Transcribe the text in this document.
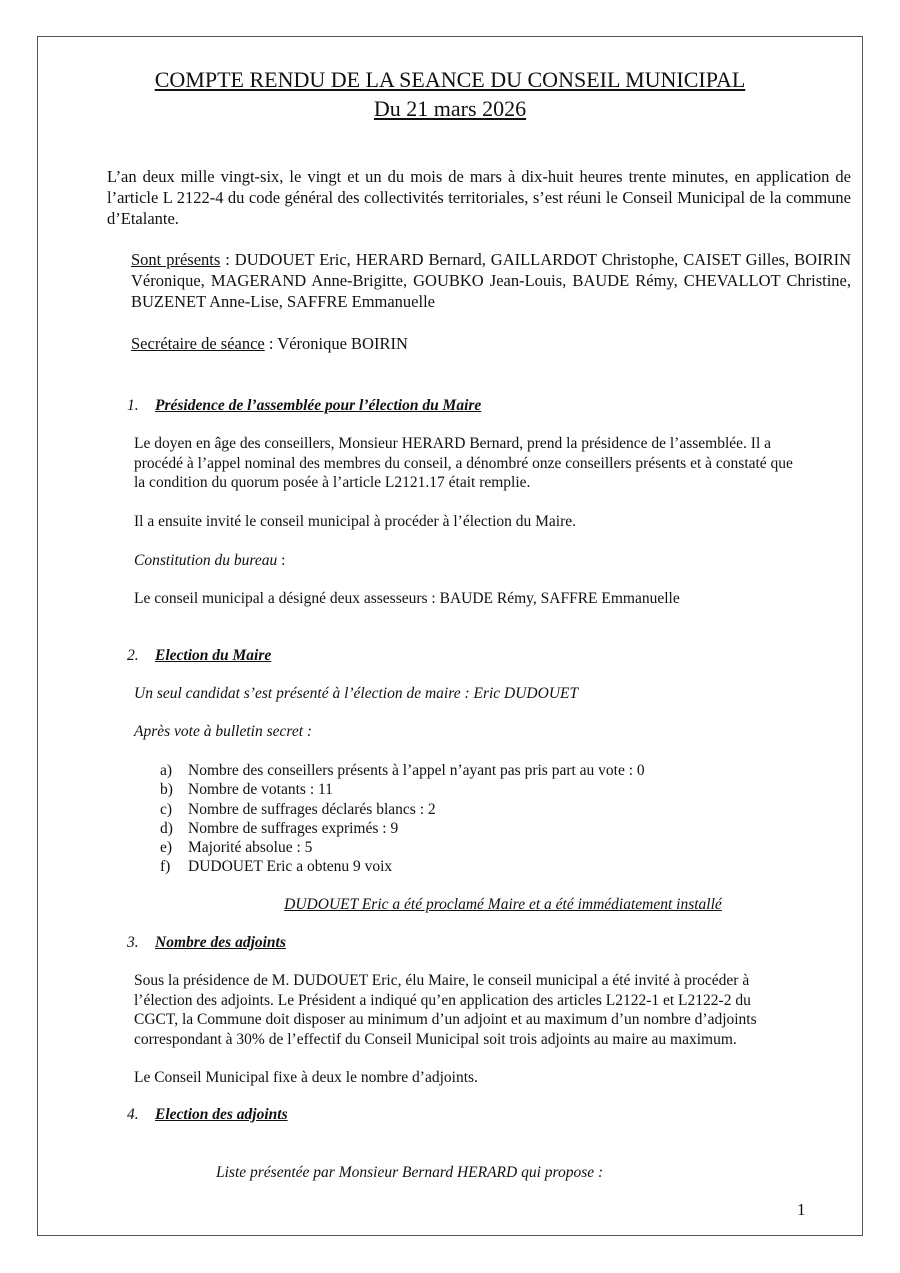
COMPTE RENDU DE LA SEANCE DU CONSEIL MUNICIPAL
Du 21 mars 2026
L’an deux mille vingt-six, le vingt et un du mois de mars à dix-huit heures trente minutes, en application de l’article L 2122-4 du code général des collectivités territoriales, s’est réuni le Conseil Municipal de la commune d’Etalante.
Sont présents : DUDOUET Eric, HERARD Bernard, GAILLARDOT Christophe, CAISET Gilles, BOIRIN Véronique, MAGERAND Anne-Brigitte, GOUBKO Jean-Louis, BAUDE Rémy, CHEVALLOT Christine, BUZENET Anne-Lise, SAFFRE Emmanuelle
Secrétaire de séance : Véronique BOIRIN
1. Présidence de l’assemblée pour l’élection du Maire
Le doyen en âge des conseillers, Monsieur HERARD Bernard, prend la présidence de l’assemblée. Il a procédé à l’appel nominal des membres du conseil, a dénombré onze conseillers présents et à constaté que la condition du quorum posée à l’article L2121.17 était remplie.
Il a ensuite invité le conseil municipal à procéder à l’élection du Maire.
Constitution du bureau :
Le conseil municipal a désigné deux assesseurs : BAUDE Rémy, SAFFRE Emmanuelle
2. Election du Maire
Un seul candidat s’est présenté à l’élection de maire : Eric DUDOUET
Après vote à bulletin secret :
a) Nombre des conseillers présents à l’appel n’ayant pas pris part au vote : 0
b) Nombre de votants : 11
c) Nombre de suffrages déclarés blancs : 2
d) Nombre de suffrages exprimés : 9
e) Majorité absolue : 5
f) DUDOUET Eric a obtenu 9 voix
DUDOUET Eric a été proclamé Maire et a été immédiatement installé
3. Nombre des adjoints
Sous la présidence de M. DUDOUET Eric, élu Maire, le conseil municipal a été invité à procéder à l’élection des adjoints. Le Président a indiqué qu’en application des articles L2122-1 et L2122-2 du CGCT, la Commune doit disposer au minimum d’un adjoint et au maximum d’un nombre d’adjoints correspondant à 30% de l’effectif du Conseil Municipal soit trois adjoints au maire au maximum.
Le Conseil Municipal fixe à deux le nombre d’adjoints.
4. Election des adjoints
Liste présentée par Monsieur Bernard HERARD qui propose :
1
